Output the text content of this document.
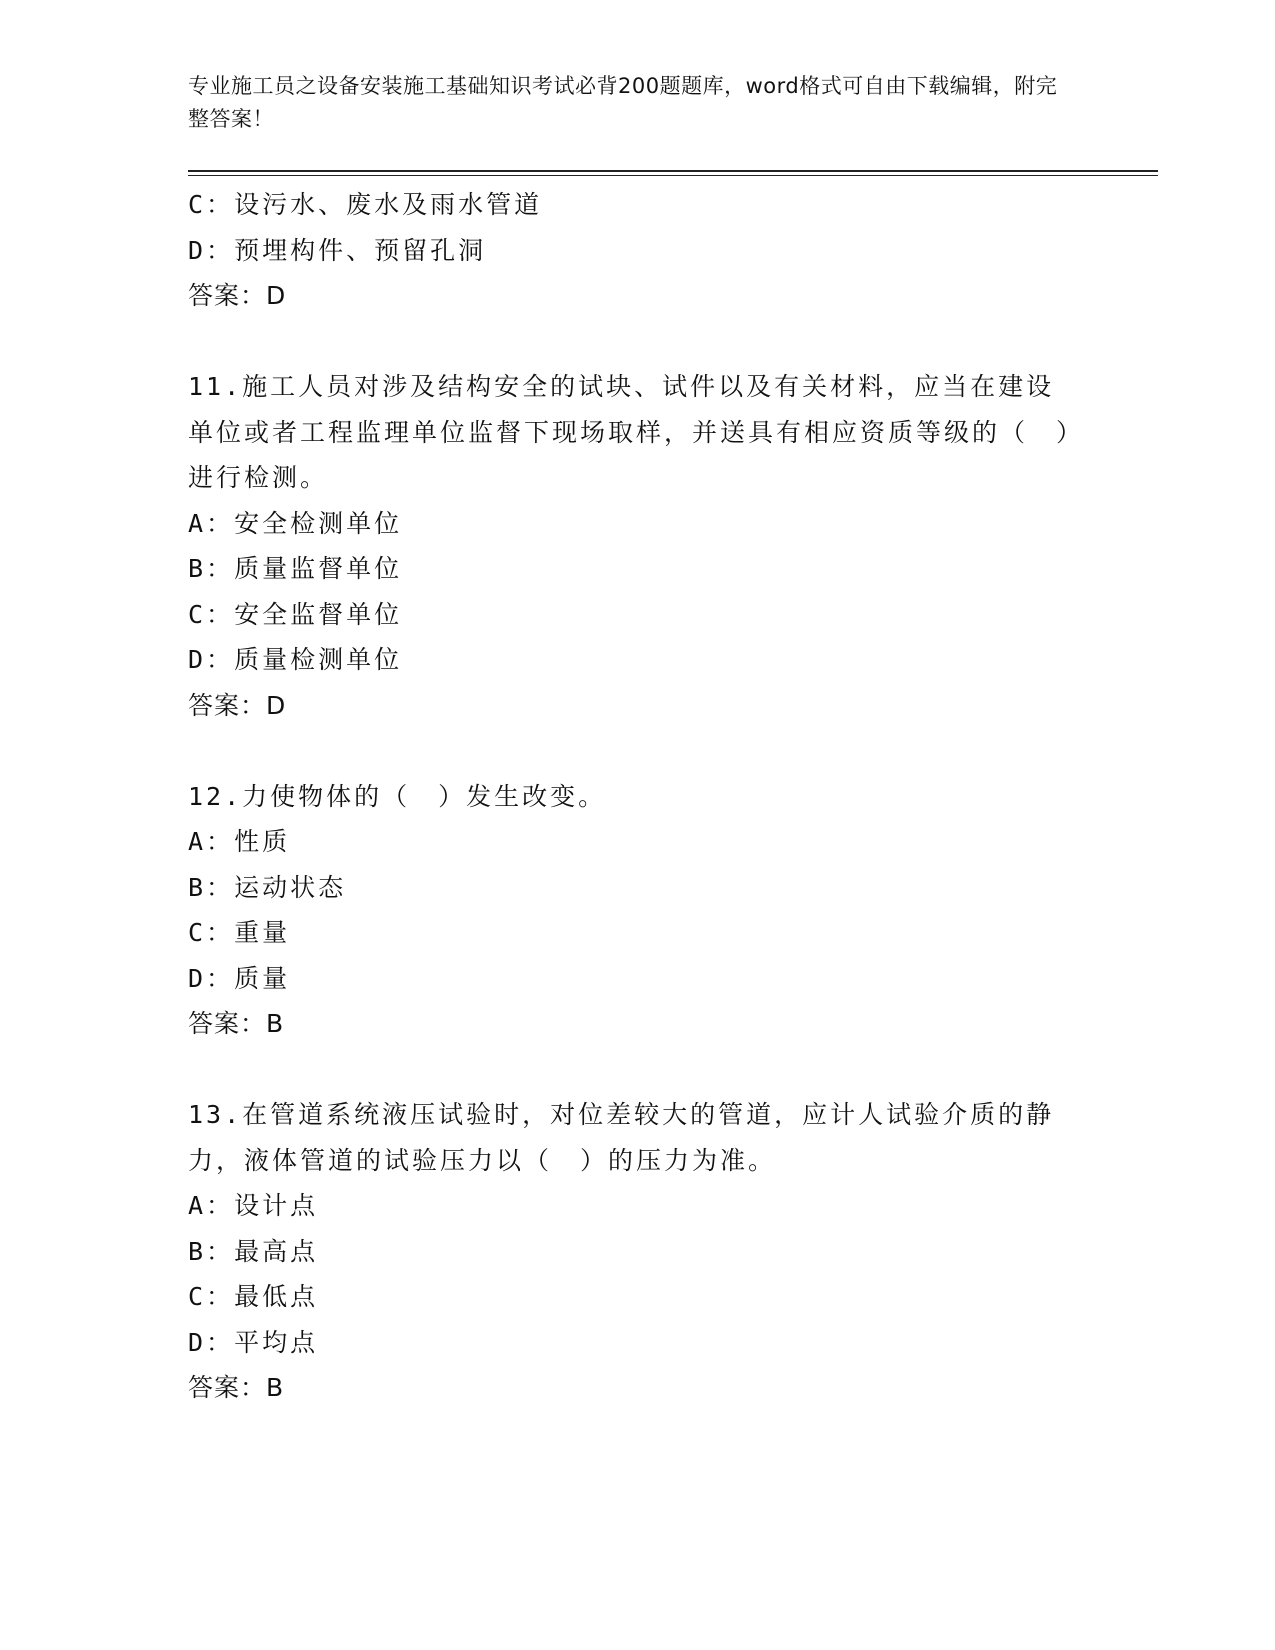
专业施工员之设备安装施工基础知识考试必背200题题库，word格式可自由下载编辑，附完整答案！
C：设污水、废水及雨水管道
D：预埋构件、预留孔洞
答案：D
11.施工人员对涉及结构安全的试块、试件以及有关材料，应当在建设单位或者工程监理单位监督下现场取样，并送具有相应资质等级的（　）进行检测。
A：安全检测单位
B：质量监督单位
C：安全监督单位
D：质量检测单位
答案：D
12.力使物体的（　）发生改变。
A：性质
B：运动状态
C：重量
D：质量
答案：B
13.在管道系统液压试验时，对位差较大的管道，应计人试验介质的静力，液体管道的试验压力以（　）的压力为准。
A：设计点
B：最高点
C：最低点
D：平均点
答案：B
